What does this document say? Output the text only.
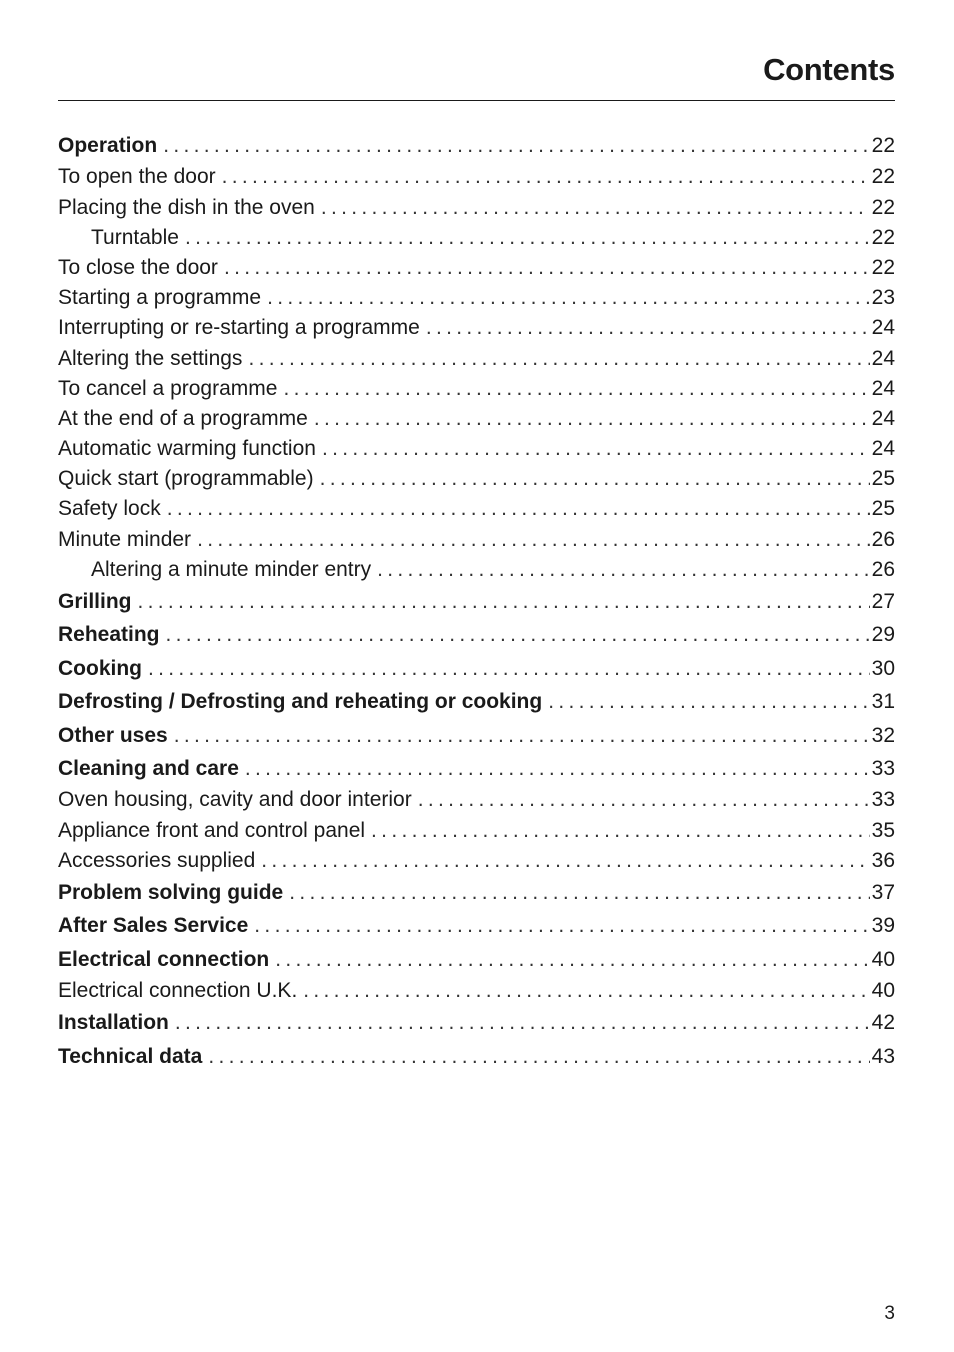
Contents
Operation .....	22
To open the door .....	22
Placing the dish in the oven .....	22
Turntable .....	22
To close the door .....	22
Starting a programme .....	23
Interrupting or re-starting a programme .....	24
Altering the settings .....	24
To cancel a programme .....	24
At the end of a programme .....	24
Automatic warming function .....	24
Quick start (programmable) .....	25
Safety lock .....	25
Minute minder .....	26
Altering a minute minder entry .....	26
Grilling .....	27
Reheating .....	29
Cooking .....	30
Defrosting / Defrosting and reheating or cooking .....	31
Other uses .....	32
Cleaning and care .....	33
Oven housing, cavity and door interior .....	33
Appliance front and control panel .....	35
Accessories supplied .....	36
Problem solving guide .....	37
After Sales Service .....	39
Electrical connection .....	40
Electrical connection U.K. .....	40
Installation .....	42
Technical data .....	43
3
